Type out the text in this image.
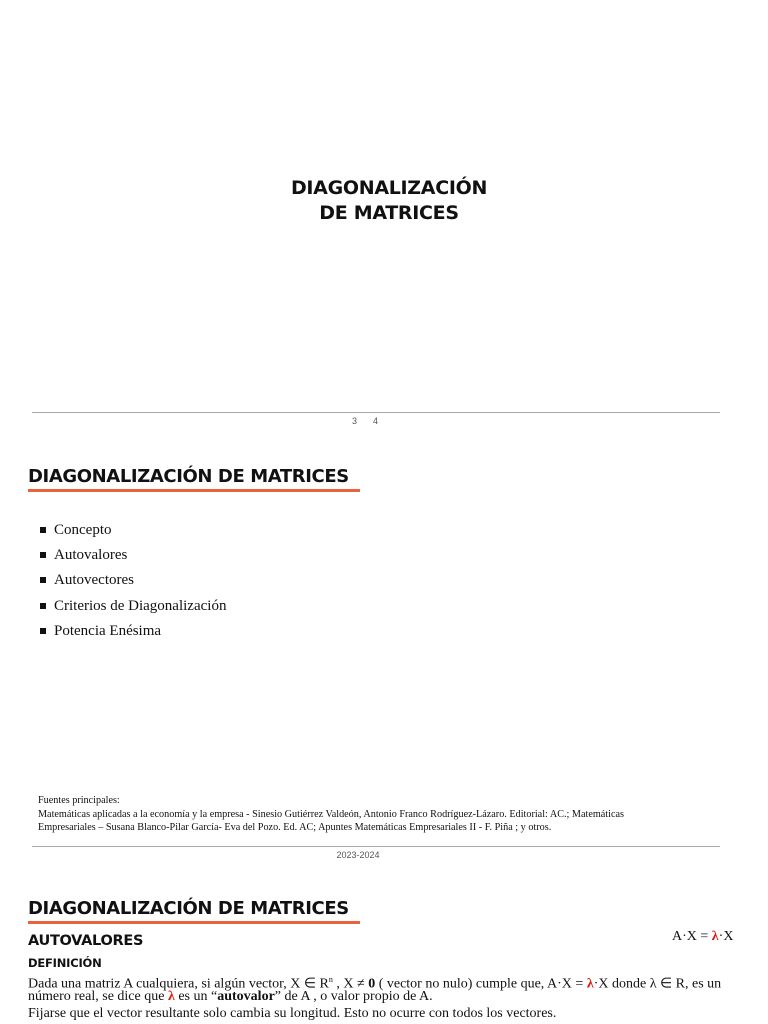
DIAGONALIZACIÓN
DE MATRICES
3 4
DIAGONALIZACIÓN DE MATRICES
Concepto
Autovalores
Autovectores
Criterios de Diagonalización
Potencia Enésima
Fuentes principales:
Matemáticas aplicadas a la economía y la empresa - Sinesio Gutiérrez Valdeón, Antonio Franco Rodríguez-Lázaro. Editorial: AC.; Matemáticas
Empresariales – Susana Blanco-Pilar García- Eva del Pozo. Ed. AC; Apuntes Matemáticas Empresariales II - F. Piña ; y otros.
2023-2024
DIAGONALIZACIÓN DE MATRICES
AUTOVALORES	A·X = λ·X
DEFINICIÓN
Dada una matriz A cualquiera, si algún vector, X ∈ $R^n$ , X ≠ 0 ( vector no nulo) cumple que, A·X = λ·X donde λ ∈ R, es un
número real, se dice que λ es un “autovalor” de A , o valor propio de A.
Fijarse que el vector resultante solo cambia su longitud. Esto no ocurre con todos los vectores.
